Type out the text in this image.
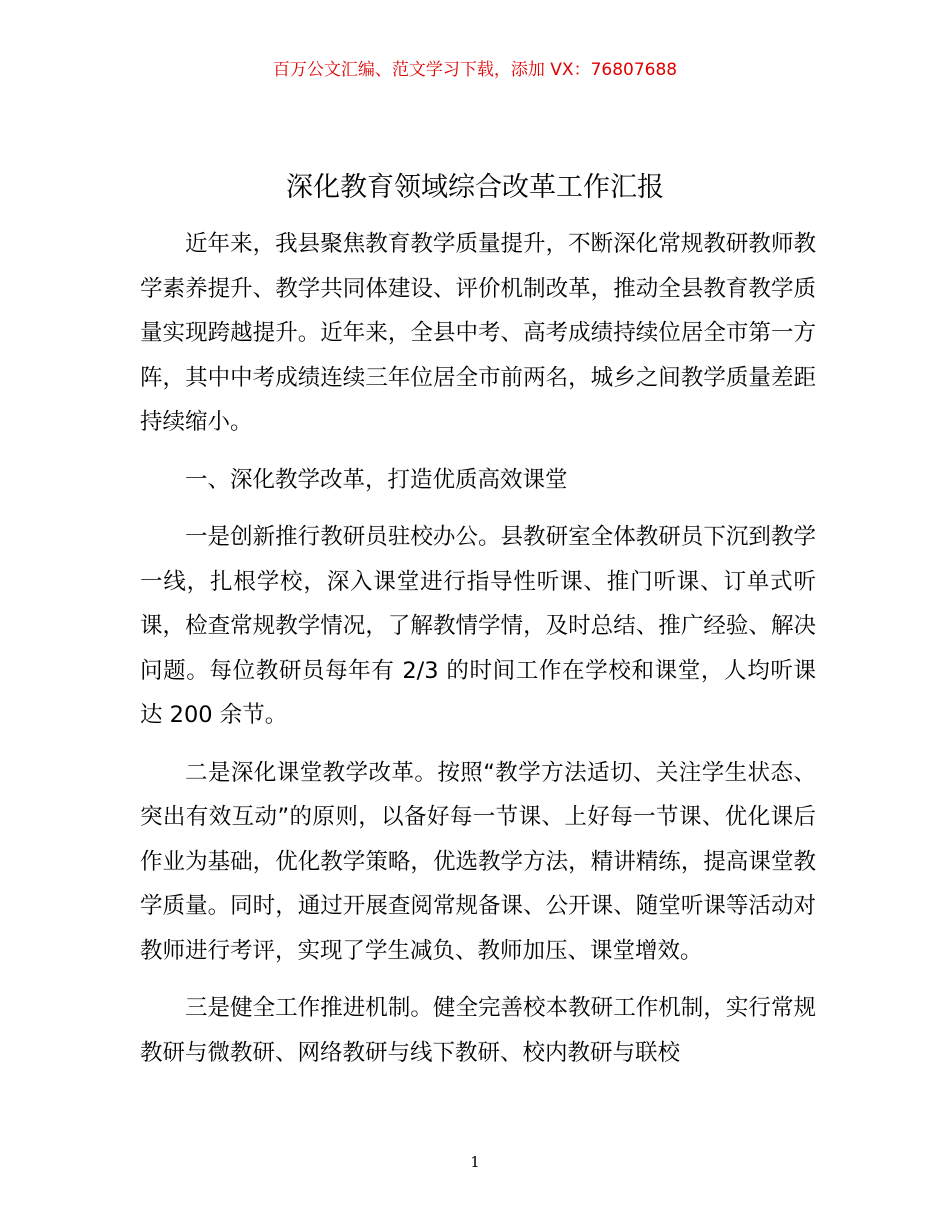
百万公文汇编、范文学习下载，添加 VX：76807688
深化教育领域综合改革工作汇报

近年来，我县聚焦教育教学质量提升，不断深化常规教研教师教学素养提升、教学共同体建设、评价机制改革，推动全县教育教学质量实现跨越提升。近年来，全县中考、高考成绩持续位居全市第一方阵，其中中考成绩连续三年位居全市前两名，城乡之间教学质量差距持续缩小。

一、深化教学改革，打造优质高效课堂

一是创新推行教研员驻校办公。县教研室全体教研员下沉到教学一线，扎根学校，深入课堂进行指导性听课、推门听课、订单式听课，检查常规教学情况，了解教情学情，及时总结、推广经验、解决问题。每位教研员每年有 2/3 的时间工作在学校和课堂，人均听课达 200 余节。

二是深化课堂教学改革。按照“教学方法适切、关注学生状态、突出有效互动”的原则，以备好每一节课、上好每一节课、优化课后作业为基础，优化教学策略，优选教学方法，精讲精练，提高课堂教学质量。同时，通过开展查阅常规备课、公开课、随堂听课等活动对教师进行考评，实现了学生减负、教师加压、课堂增效。

三是健全工作推进机制。健全完善校本教研工作机制，实行常规教研与微教研、网络教研与线下教研、校内教研与联校

1
